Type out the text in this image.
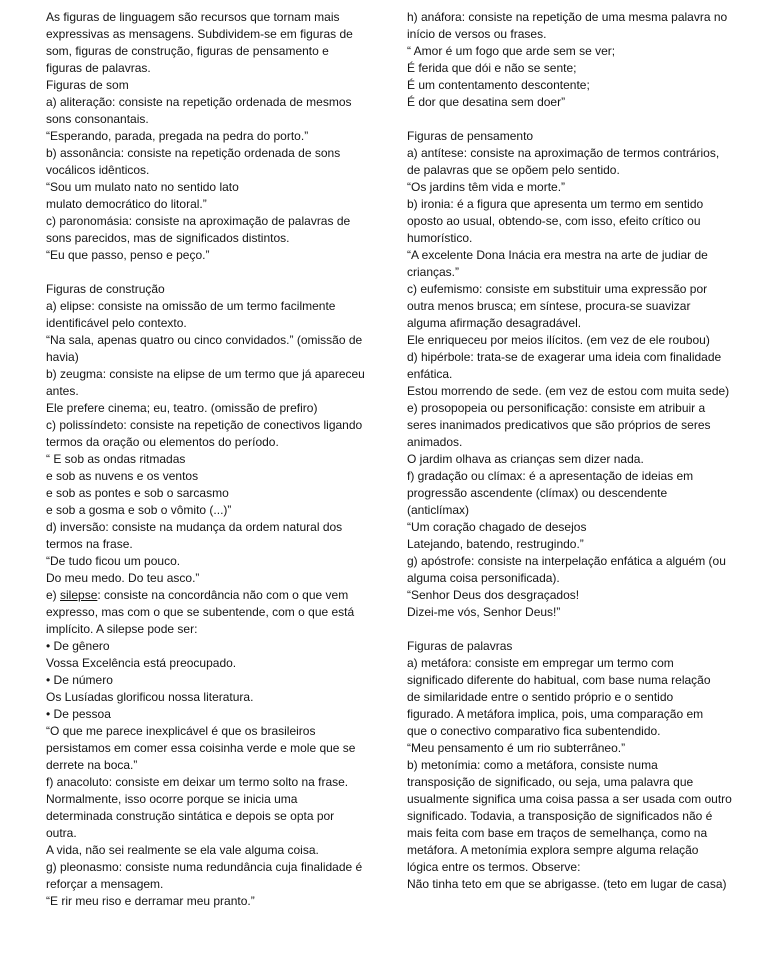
As figuras de linguagem são recursos que tornam mais
expressivas as mensagens. Subdividem-se em figuras de
som, figuras de construção, figuras de pensamento e
figuras de palavras.
Figuras de som
a) aliteração: consiste na repetição ordenada de mesmos
sons consonantais.
“Esperando, parada, pregada na pedra do porto.”
b) assonância: consiste na repetição ordenada de sons
vocálicos idênticos.
“Sou um mulato nato no sentido lato
mulato democrático do litoral.”
c) paronomásia: consiste na aproximação de palavras de
sons parecidos, mas de significados distintos.
“Eu que passo, penso e peço.”
Figuras de construção
a) elipse: consiste na omissão de um termo facilmente
identificável pelo contexto.
“Na sala, apenas quatro ou cinco convidados.” (omissão de
havia)
b) zeugma: consiste na elipse de um termo que já apareceu
antes.
Ele prefere cinema; eu, teatro. (omissão de prefiro)
c) polissíndeto: consiste na repetição de conectivos ligando
termos da oração ou elementos do período.
“ E sob as ondas ritmadas
e sob as nuvens e os ventos
e sob as pontes e sob o sarcasmo
e sob a gosma e sob o vômito (...)”
d) inversão: consiste na mudança da ordem natural dos
termos na frase.
“De tudo ficou um pouco.
Do meu medo. Do teu asco.”
e) silepse: consiste na concordância não com o que vem
expresso, mas com o que se subentende, com o que está
implícito. A silepse pode ser:
• De gênero
Vossa Excelência está preocupado.
• De número
Os Lusíadas glorificou nossa literatura.
• De pessoa
“O que me parece inexplicável é que os brasileiros
persistamos em comer essa coisinha verde e mole que se
derrete na boca.”
f) anacoluto: consiste em deixar um termo solto na frase.
Normalmente, isso ocorre porque se inicia uma
determinada construção sintática e depois se opta por
outra.
A vida, não sei realmente se ela vale alguma coisa.
g) pleonasmo: consiste numa redundância cuja finalidade é
reforçar a mensagem.
“E rir meu riso e derramar meu pranto.”
h) anáfora: consiste na repetição de uma mesma palavra no
início de versos ou frases.
“ Amor é um fogo que arde sem se ver;
É ferida que dói e não se sente;
É um contentamento descontente;
É dor que desatina sem doer”
Figuras de pensamento
a) antítese: consiste na aproximação de termos contrários,
de palavras que se opõem pelo sentido.
“Os jardins têm vida e morte.”
b) ironia: é a figura que apresenta um termo em sentido
oposto ao usual, obtendo-se, com isso, efeito crítico ou
humorístico.
“A excelente Dona Inácia era mestra na arte de judiar de
crianças.”
c) eufemismo: consiste em substituir uma expressão por
outra menos brusca; em síntese, procura-se suavizar
alguma afirmação desagradável.
Ele enriqueceu por meios ilícitos. (em vez de ele roubou)
d) hipérbole: trata-se de exagerar uma ideia com finalidade
enfática.
Estou morrendo de sede. (em vez de estou com muita sede)
e) prosopopeia ou personificação: consiste em atribuir a
seres inanimados predicativos que são próprios de seres
animados.
O jardim olhava as crianças sem dizer nada.
f) gradação ou clímax: é a apresentação de ideias em
progressão ascendente (clímax) ou descendente
(anticlímax)
“Um coração chagado de desejos
Latejando, batendo, restrugindo.”
g) apóstrofe: consiste na interpelação enfática a alguém (ou
alguma coisa personificada).
“Senhor Deus dos desgraçados!
Dizei-me vós, Senhor Deus!”
Figuras de palavras
a) metáfora: consiste em empregar um termo com
significado diferente do habitual, com base numa relação
de similaridade entre o sentido próprio e o sentido
figurado. A metáfora implica, pois, uma comparação em
que o conectivo comparativo fica subentendido.
“Meu pensamento é um rio subterrâneo.”
b) metonímia: como a metáfora, consiste numa
transposição de significado, ou seja, uma palavra que
usualmente significa uma coisa passa a ser usada com outro
significado. Todavia, a transposição de significados não é
mais feita com base em traços de semelhança, como na
metáfora. A metonímia explora sempre alguma relação
lógica entre os termos. Observe:
Não tinha teto em que se abrigasse. (teto em lugar de casa)
